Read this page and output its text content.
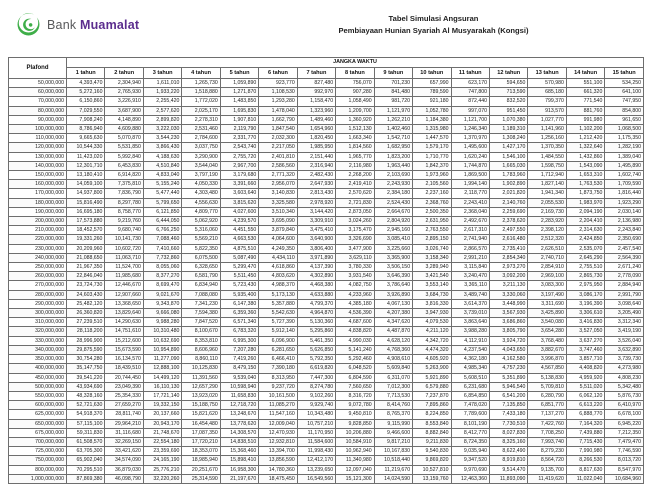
Bank Muamalat	Tabel Simulasi Angsuran
Pembiayaan Hunian Syariah Al Musyarakah (Kongsi)
Plafond	JANGKA WAKTU														
	1 tahun	2 tahun	3 tahun	4 tahun	5 tahun	6 tahun	7 tahun	8 tahun	9 tahun	10 tahun	11 tahun	12 tahun	13 tahun	14 tahun	15 tahun
50,000,000	4,393,470	2,304,940	1,611,010	1,265,730	1,059,890	923,770	827,480	756,070	701,230	657,990	623,170	594,650	570,980	551,100	534,250
60,000,000	5,272,160	2,765,930	1,933,220	1,518,880	1,271,870	1,108,530	992,970	907,280	841,480	789,590	747,800	713,590	685,180	661,320	641,100
70,000,000	6,150,860	3,226,910	2,255,420	1,772,020	1,483,850	1,293,280	1,158,470	1,058,490	981,720	921,180	872,440	832,520	799,370	771,540	747,950
80,000,000	7,029,550	3,687,900	2,577,620	2,025,170	1,695,830	1,478,040	1,323,960	1,209,700	1,121,970	1,052,780	997,070	951,450	913,570	881,760	854,800
90,000,000	7,908,240	4,148,890	2,899,820	2,278,310	1,907,810	1,662,790	1,489,460	1,360,920	1,262,210	1,184,380	1,121,700	1,070,380	1,027,770	991,980	961,650
100,000,000	8,786,940	4,609,880	3,222,030	2,531,460	2,119,790	1,847,540	1,654,960	1,512,130	1,402,460	1,315,980	1,246,340	1,189,310	1,141,960	1,102,200	1,068,500
110,000,000	9,665,630	5,070,870	3,544,230	2,784,600	2,331,770	2,032,300	1,820,450	1,663,340	1,542,710	1,447,570	1,370,970	1,308,240	1,256,160	1,212,420	1,175,350
120,000,000	10,544,330	5,531,850	3,866,430	3,037,750	2,543,740	2,217,050	1,985,950	1,814,560	1,682,950	1,579,170	1,495,600	1,427,170	1,370,350	1,322,640	1,282,190
130,000,000	11,423,020	5,992,840	4,188,630	3,290,900	2,755,720	2,401,810	2,151,440	1,965,770	1,823,200	1,710,770	1,620,240	1,546,100	1,484,550	1,432,860	1,389,040
140,000,000	12,301,710	6,453,830	4,510,840	3,544,040	2,967,700	2,586,560	2,316,940	2,116,980	1,963,440	1,842,370	1,744,870	1,665,030	1,598,750	1,543,090	1,495,890
150,000,000	13,180,410	6,914,820	4,833,040	3,797,190	3,179,680	2,771,320	2,482,430	2,268,200	2,103,690	1,973,960	1,869,500	1,783,960	1,712,940	1,653,310	1,602,740
160,000,000	14,059,100	7,375,810	5,155,240	4,050,330	3,391,660	2,956,070	2,647,930	2,419,410	2,243,930	2,105,560	1,994,140	1,902,890	1,827,140	1,763,530	1,709,590
170,000,000	14,937,800	7,836,790	5,477,440	4,303,480	3,603,640	3,140,830	2,813,430	2,570,620	2,384,180	2,237,160	2,118,770	2,021,820	1,941,340	1,873,750	1,816,440
180,000,000	15,816,490	8,297,780	5,799,650	4,556,630	3,815,620	3,325,580	2,978,920	2,721,830	2,524,430	2,368,760	2,243,410	2,140,760	2,055,530	1,983,970	1,923,290
190,000,000	16,695,180	8,758,770	6,121,850	4,809,770	4,027,600	3,510,340	3,144,420	2,873,050	2,664,670	2,500,350	2,368,040	2,259,690	2,169,730	2,094,190	2,030,140
200,000,000	17,573,880	9,219,760	6,444,050	5,062,920	4,239,570	3,695,090	3,309,910	3,024,260	2,804,920	2,631,950	2,492,670	2,378,620	2,283,920	2,204,410	2,136,980
210,000,000	18,452,570	9,680,740	6,766,250	5,316,060	4,451,550	3,879,840	3,475,410	3,175,470	2,945,160	2,763,550	2,617,310	2,497,550	2,398,120	2,314,630	2,243,840
220,000,000	19,331,260	10,141,730	7,088,460	5,569,210	4,663,530	4,064,600	3,640,900	3,326,690	3,085,410	2,895,150	2,741,940	2,616,480	2,512,320	2,424,850	2,350,690
230,000,000	20,209,960	10,602,720	7,410,660	5,822,350	4,875,510	4,249,350	3,806,400	3,477,900	3,225,660	3,026,740	2,866,570	2,735,410	2,626,510	2,535,070	2,457,540
240,000,000	21,088,650	11,063,710	7,732,860	6,075,500	5,087,490	4,434,110	3,971,890	3,629,110	3,365,900	3,158,340	2,991,210	2,854,340	2,740,710	2,645,290	2,564,390
250,000,000	21,967,350	11,524,700	8,055,060	6,328,650	5,299,470	4,618,860	4,137,390	3,780,330	3,506,150	3,289,940	3,115,840	2,973,270	2,854,910	2,755,510	2,671,240
260,000,000	22,846,040	11,985,680	8,377,270	6,581,790	5,511,450	4,803,620	4,302,890	3,931,540	3,646,390	3,421,540	3,240,470	3,092,200	2,969,100	2,865,730	2,778,090
270,000,000	23,724,730	12,446,670	8,699,470	6,834,940	5,723,430	4,988,370	4,468,380	4,082,750	3,786,640	3,553,140	3,365,110	3,211,130	3,083,300	2,975,950	2,884,940
280,000,000	24,603,430	12,907,660	9,021,670	7,088,080	5,935,400	5,173,130	4,633,880	4,233,960	3,926,890	3,684,730	3,489,740	3,330,060	3,197,490	3,086,170	2,991,790
290,000,000	25,482,120	13,368,650	9,343,870	7,341,230	6,147,380	5,357,880	4,799,370	4,385,180	4,067,130	3,816,330	3,614,370	3,448,990	3,311,690	3,196,390	3,098,640
300,000,000	26,360,820	13,829,640	9,666,080	7,594,380	6,359,360	5,542,630	4,964,870	4,536,390	4,207,380	3,947,930	3,739,010	3,567,930	3,425,890	3,306,610	3,205,490
310,000,000	27,239,510	14,290,630	9,988,280	7,847,520	6,571,340	5,727,390	5,130,360	4,687,600	4,347,620	4,079,530	3,863,640	3,686,860	3,540,080	3,416,830	3,312,340
320,000,000	28,118,200	14,751,610	10,310,480	8,100,670	6,783,320	5,912,140	5,295,860	4,838,820	4,487,870	4,211,120	3,988,280	3,805,790	3,654,280	3,527,050	3,419,190
330,000,000	28,996,900	15,212,600	10,632,690	8,353,810	6,995,300	6,096,900	5,461,350	4,990,030	4,628,120	4,342,720	4,112,910	3,924,720	3,768,480	3,637,270	3,526,040
340,000,000	29,875,590	15,673,590	10,954,890	8,606,960	7,207,280	6,281,650	5,626,850	5,141,240	4,768,360	4,474,320	4,237,540	4,043,650	3,882,670	3,747,460	3,632,890
350,000,000	30,754,280	16,134,570	11,277,090	8,860,110	7,419,260	6,466,410	5,792,350	5,292,460	4,908,610	4,605,920	4,362,180	4,162,580	3,996,870	3,857,710	3,739,730
400,000,000	35,147,750	18,439,510	12,888,100	10,125,830	8,479,150	7,390,180	6,619,820	6,048,520	5,609,840	5,263,900	4,985,340	4,757,230	4,567,850	4,408,820	4,273,980
450,000,000	39,541,220	20,744,450	14,499,120	11,391,560	9,539,040	8,313,950	7,447,300	6,804,590	6,311,070	5,921,890	5,608,510	5,351,890	5,138,830	4,959,920	4,808,230
500,000,000	43,934,690	23,049,390	16,110,130	12,657,290	10,598,940	9,237,720	8,274,780	7,560,650	7,012,300	6,579,880	6,231,680	5,946,540	5,709,810	5,511,020	5,342,480
550,000,000	48,328,160	25,354,330	17,721,140	13,923,020	11,658,830	10,161,500	9,102,260	8,316,720	7,713,530	7,237,870	6,854,850	6,541,200	6,280,790	6,062,120	5,876,730
600,000,000	52,721,630	27,659,270	19,332,150	15,188,750	12,718,720	11,085,270	9,929,740	9,072,780	8,414,760	7,895,860	7,478,020	7,135,850	6,851,770	6,613,220	6,410,970
625,000,000	54,918,370	28,811,740	20,137,660	15,821,620	13,248,670	11,547,160	10,343,480	9,450,810	8,765,370	8,224,850	7,789,600	7,433,180	7,137,270	6,888,770	6,678,100
650,000,000	57,115,100	29,964,210	20,943,170	16,454,480	13,778,620	12,009,040	10,757,210	9,828,850	9,115,990	8,553,840	8,101,190	7,730,510	7,422,760	7,164,320	6,945,220
675,000,000	59,311,830	31,116,680	21,748,670	17,087,350	14,308,570	12,470,930	11,170,950	10,206,880	9,466,600	8,882,840	8,412,770	8,027,830	7,708,250	7,439,880	7,212,350
700,000,000	61,508,570	32,269,150	22,554,180	17,720,210	14,838,510	12,932,810	11,584,600	10,584,910	9,817,210	9,211,830	8,724,350	8,325,160	7,993,740	7,715,430	7,479,470
725,000,000	63,705,300	33,421,620	23,359,690	18,353,070	15,368,460	13,394,700	11,998,430	10,962,940	10,167,830	9,540,830	9,035,940	8,622,490	8,279,230	7,990,980	7,746,590
750,000,000	65,902,040	34,574,090	24,165,190	18,985,940	15,898,410	13,856,590	12,412,170	11,340,980	10,518,440	9,869,820	9,347,520	8,919,810	8,564,720	8,266,530	8,013,720
800,000,000	70,295,510	36,879,030	25,776,210	20,251,670	16,958,300	14,780,360	13,239,650	12,097,040	11,219,670	10,527,810	9,970,690	9,514,470	9,135,700	8,817,630	8,547,970
1,000,000,000	87,869,380	46,098,790	32,220,260	25,314,590	21,197,670	18,475,450	16,549,560	15,121,300	14,024,590	13,159,760	12,463,360	11,893,090	11,419,620	11,022,040	10,684,960
